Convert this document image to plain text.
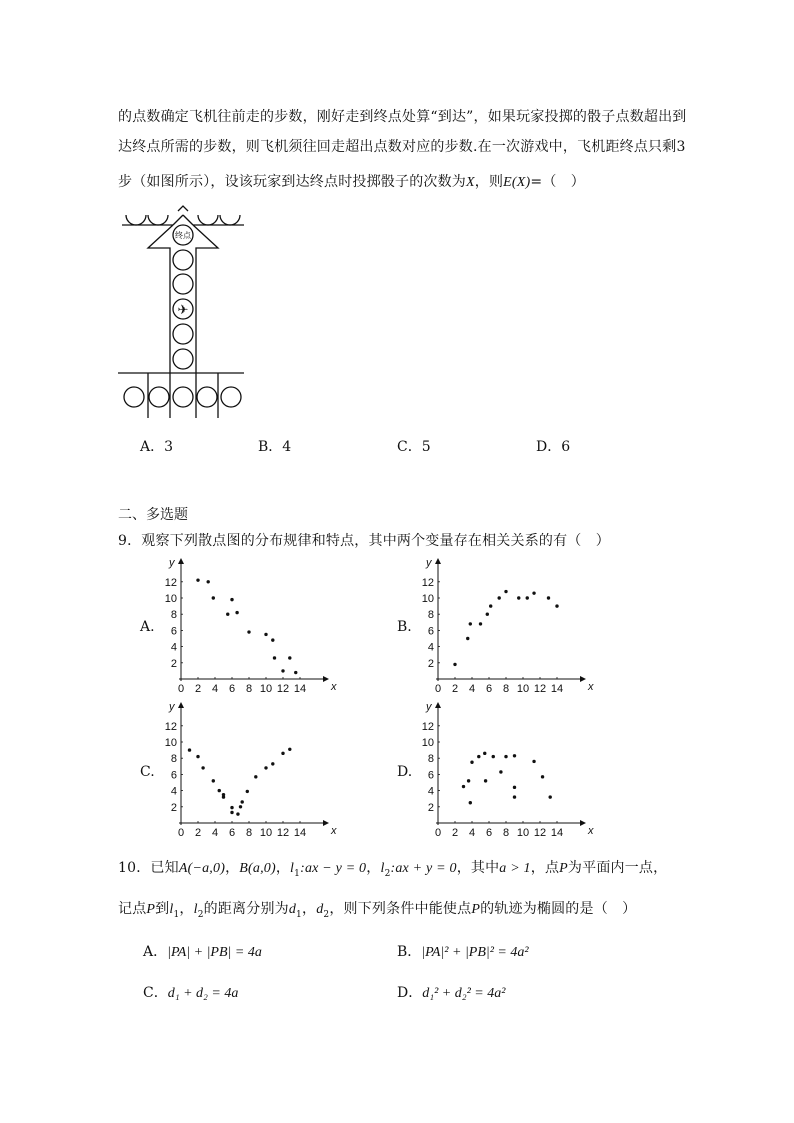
的点数确定飞机往前走的步数，刚好走到终点处算“到达”，如果玩家投掷的骰子点数超出到
达终点所需的步数，则飞机须往回走超出点数对应的步数.在一次游戏中，飞机距终点只剩3
步（如图所示），设该玩家到达终点时投掷骰子的次数为X，则E(X)=（　）
终点
✈
A．3	B．4	C．5	D．6
二、多选题
9．观察下列散点图的分布规律和特点，其中两个变量存在相关关系的有（　）
A.
x
y
0 2 4 6 8 10 12 14
2
4
6
8
10
12
B.
x
y
0 2 4 6 8 10 12 14
2
4
6
8
10
12
C.
x
y
0 2 4 6 8 10 12 14
2
4
6
8
10
12
D.
x
y
0 2 4 6 8 10 12 14
2
4
6
8
10
12
10．已知A(−a,0)，B(a,0)，$l_1:ax - y = 0$，$l_2:ax + y = 0$，其中a > 1，点P为平面内一点，
记点P到$l_1$，$l_2$的距离分别为$d_1$，$d_2$，则下列条件中能使点P的轨迹为椭圆的是（　）
A．|PA| + |PB| = 4a	B．|PA|² + |PB|² = 4a²
C．d₁ + d₂ = 4a	D．d₁² + d₂² = 4a²
